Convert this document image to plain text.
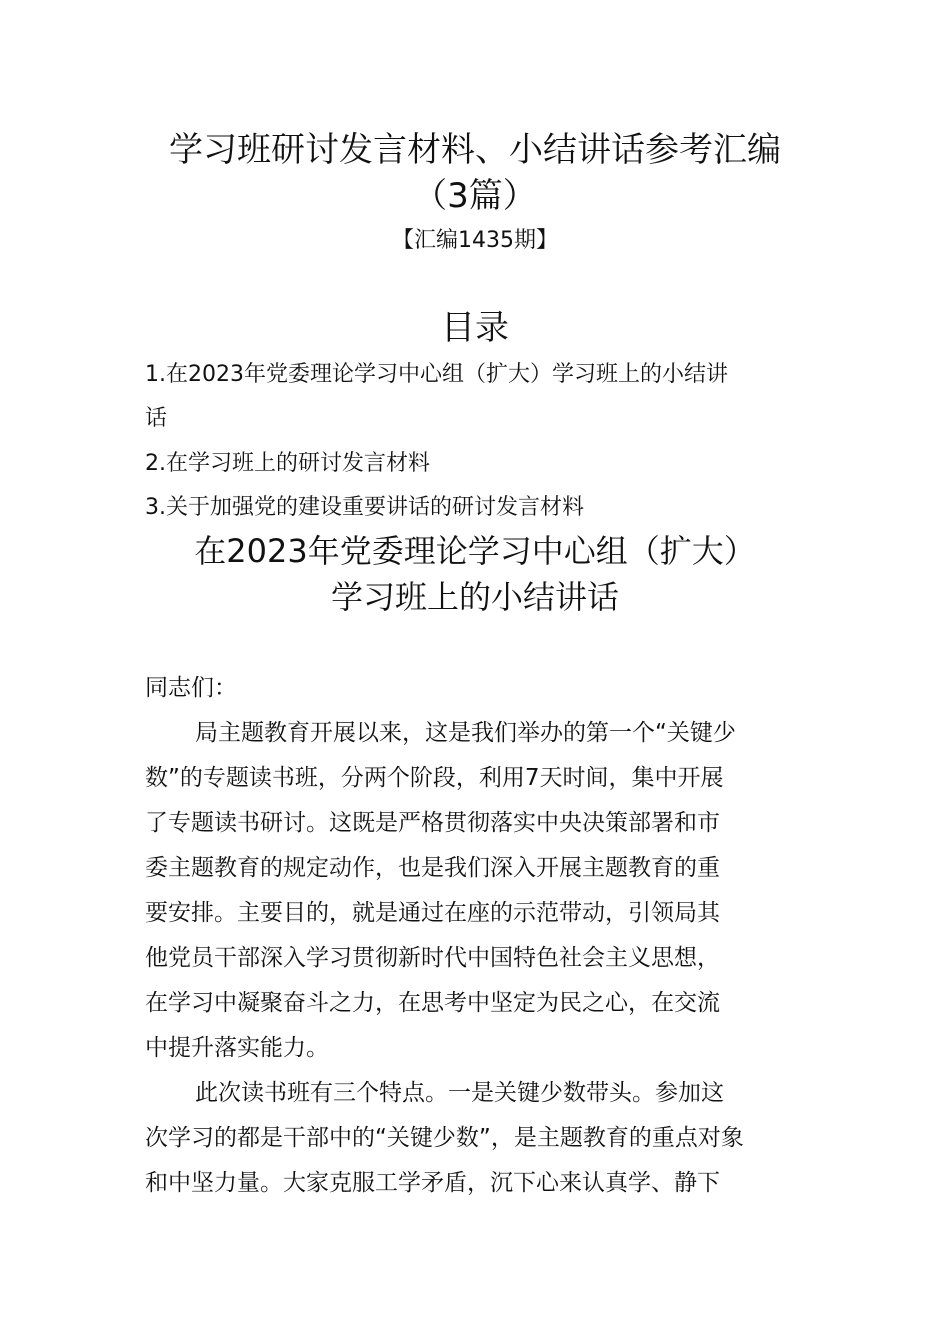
学习班研讨发言材料、小结讲话参考汇编
（3篇）
【汇编1435期】
目录
1.在2023年党委理论学习中心组（扩大）学习班上的小结讲
话
2.在学习班上的研讨发言材料
3.关于加强党的建设重要讲话的研讨发言材料
在2023年党委理论学习中心组（扩大）
学习班上的小结讲话
同志们：
局主题教育开展以来，这是我们举办的第一个“关键少
数”的专题读书班，分两个阶段，利用7天时间，集中开展
了专题读书研讨。这既是严格贯彻落实中央决策部署和市
委主题教育的规定动作，也是我们深入开展主题教育的重
要安排。主要目的，就是通过在座的示范带动，引领局其
他党员干部深入学习贯彻新时代中国特色社会主义思想，
在学习中凝聚奋斗之力，在思考中坚定为民之心，在交流
中提升落实能力。
此次读书班有三个特点。一是关键少数带头。参加这
次学习的都是干部中的“关键少数”，是主题教育的重点对象
和中坚力量。大家克服工学矛盾，沉下心来认真学、静下
